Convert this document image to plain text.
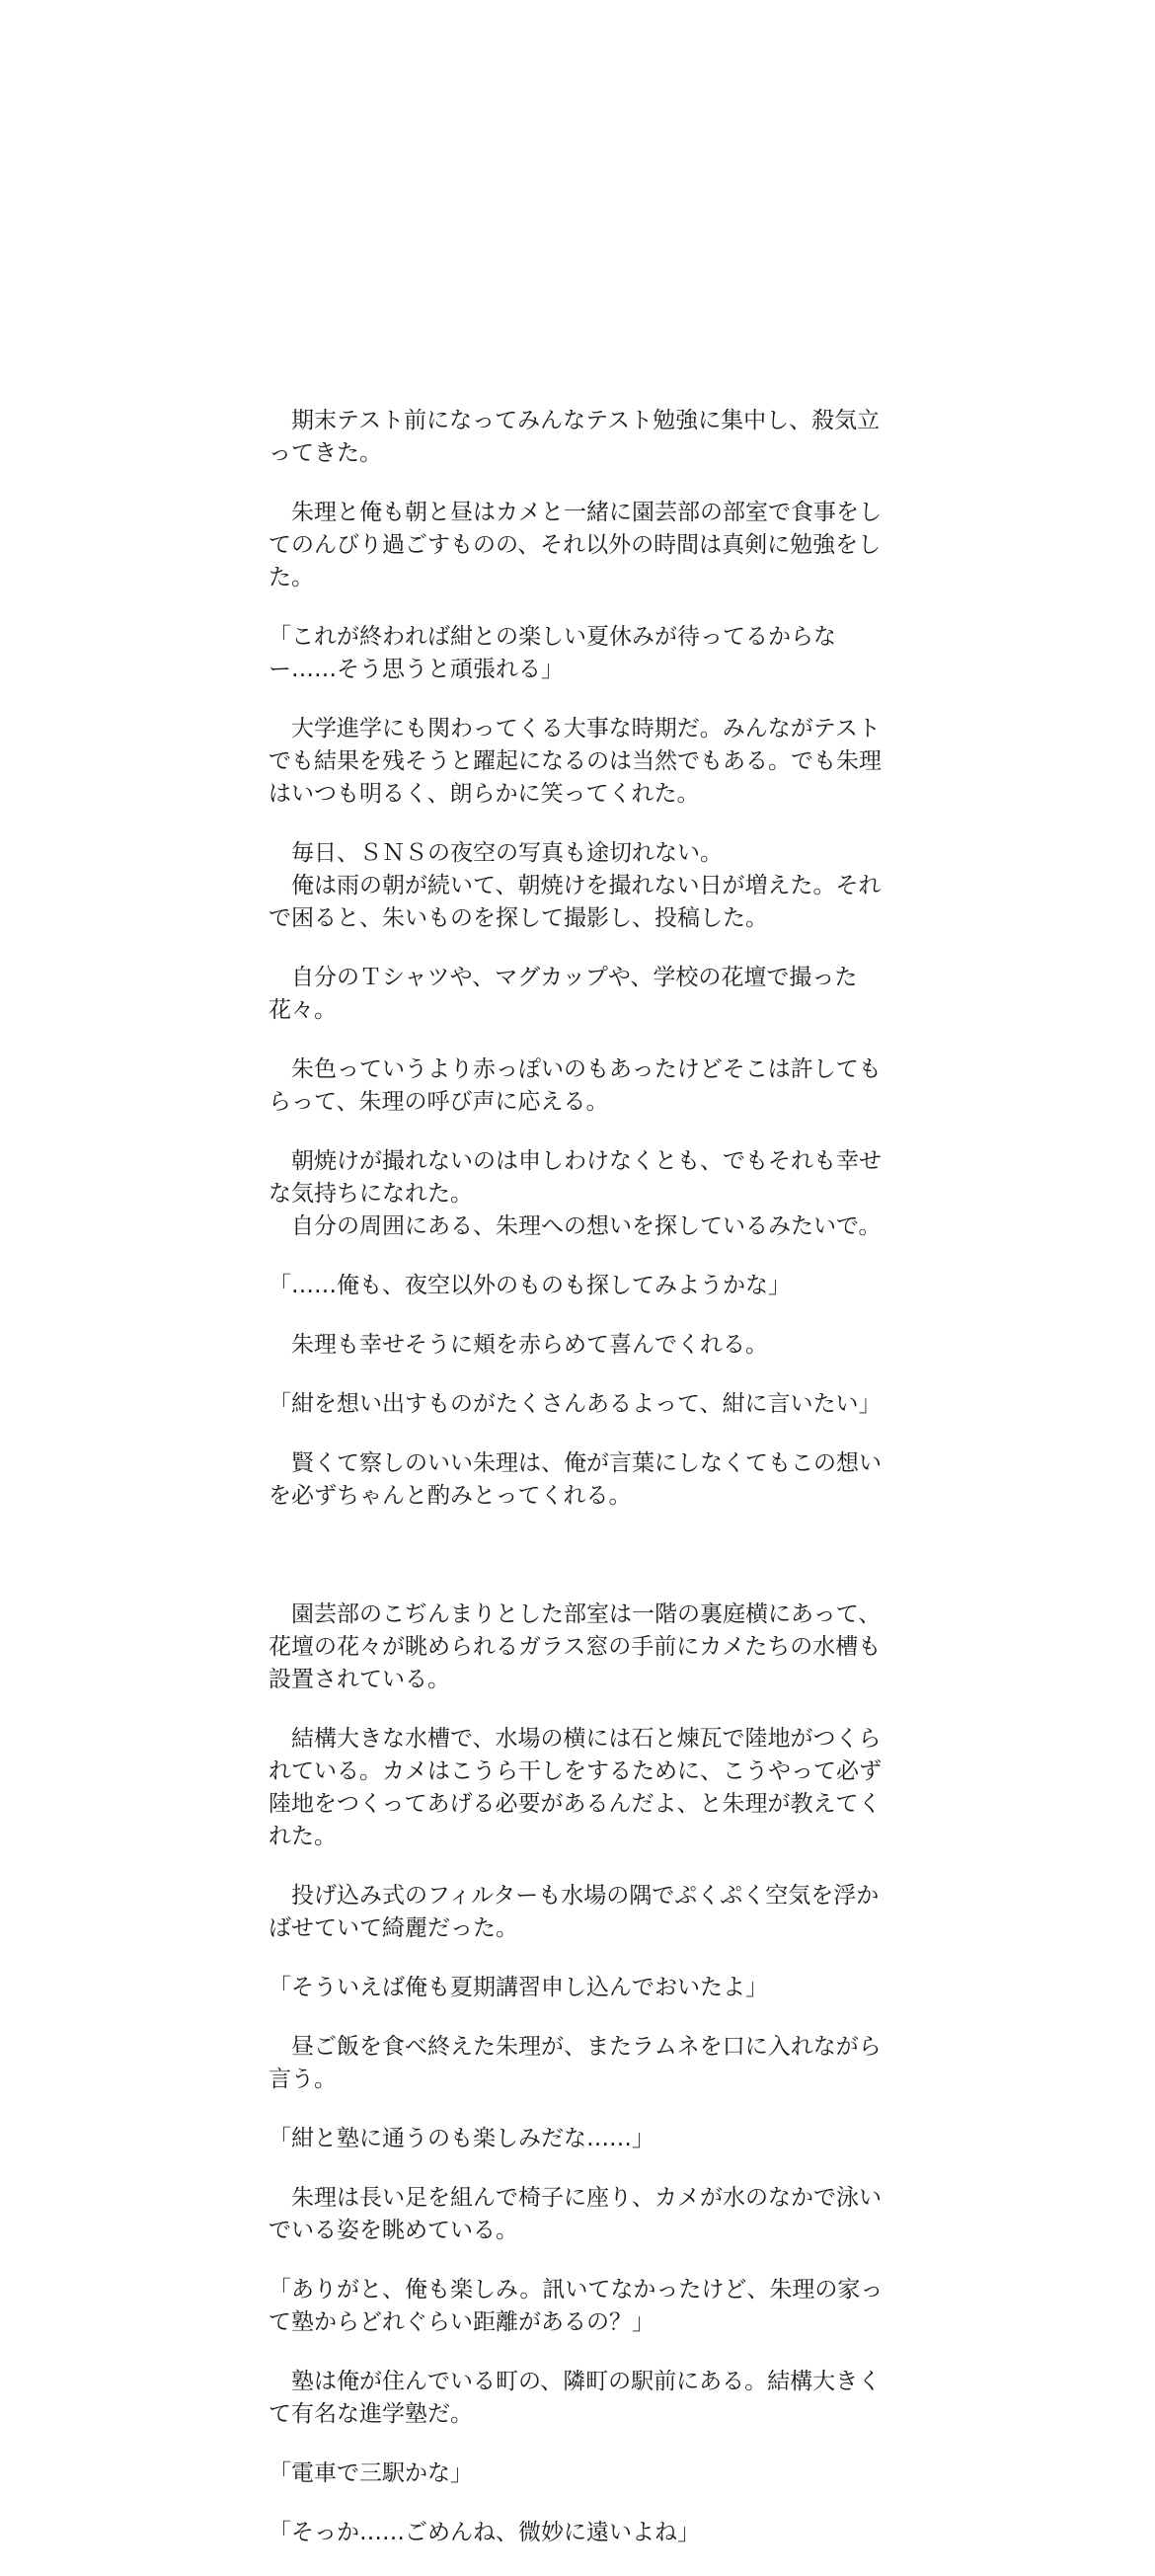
　期末テスト前になってみんなテスト勉強に集中し、殺気立ってきた。

　朱理と俺も朝と昼はカメと一緒に園芸部の部室で食事をしてのんびり過ごすものの、それ以外の時間は真剣に勉強をした。

「これが終われば紺との楽しい夏休みが待ってるからなー……そう思うと頑張れる」

　大学進学にも関わってくる大事な時期だ。みんながテストでも結果を残そうと躍起になるのは当然でもある。でも朱理はいつも明るく、朗らかに笑ってくれた。

　毎日、ＳＮＳの夜空の写真も途切れない。
　俺は雨の朝が続いて、朝焼けを撮れない日が増えた。それで困ると、朱いものを探して撮影し、投稿した。

　自分のＴシャツや、マグカップや、学校の花壇で撮った花々。

　朱色っていうより赤っぽいのもあったけどそこは許してもらって、朱理の呼び声に応える。

　朝焼けが撮れないのは申しわけなくとも、でもそれも幸せな気持ちになれた。
　自分の周囲にある、朱理への想いを探しているみたいで。

「……俺も、夜空以外のものも探してみようかな」

　朱理も幸せそうに頬を赤らめて喜んでくれる。

「紺を想い出すものがたくさんあるよって、紺に言いたい」

　賢くて察しのいい朱理は、俺が言葉にしなくてもこの想いを必ずちゃんと酌みとってくれる。

　園芸部のこぢんまりとした部室は一階の裏庭横にあって、花壇の花々が眺められるガラス窓の手前にカメたちの水槽も設置されている。

　結構大きな水槽で、水場の横には石と煉瓦で陸地がつくられている。カメはこうら干しをするために、こうやって必ず陸地をつくってあげる必要があるんだよ、と朱理が教えてくれた。

　投げ込み式のフィルターも水場の隅でぷくぷく空気を浮かばせていて綺麗だった。

「そういえば俺も夏期講習申し込んでおいたよ」

　昼ご飯を食べ終えた朱理が、またラムネを口に入れながら言う。

「紺と塾に通うのも楽しみだな……」

　朱理は長い足を組んで椅子に座り、カメが水のなかで泳いでいる姿を眺めている。

「ありがと、俺も楽しみ。訊いてなかったけど、朱理の家って塾からどれぐらい距離があるの？」

　塾は俺が住んでいる町の、隣町の駅前にある。結構大きくて有名な進学塾だ。

「電車で三駅かな」

「そっか……ごめんね、微妙に遠いよね」
